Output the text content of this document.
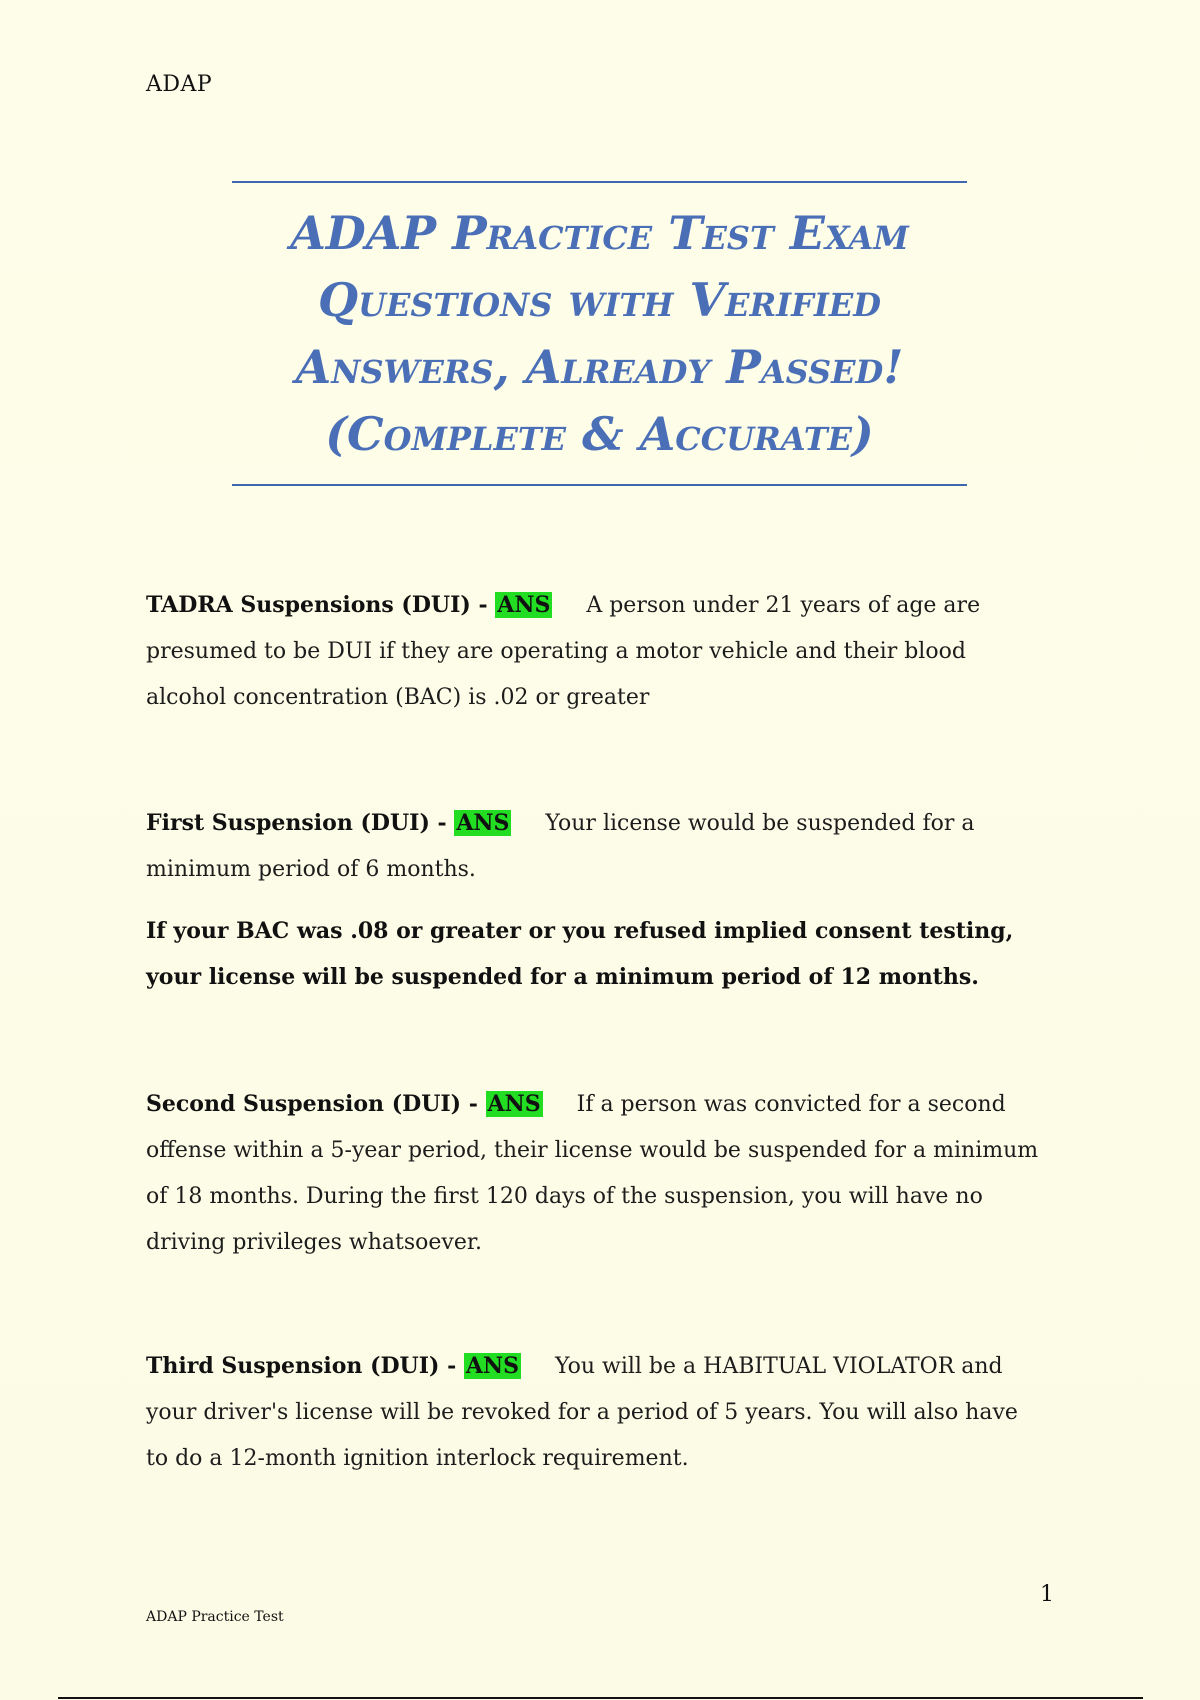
ADAP
ADAP Practice Test Exam
Questions with Verified
Answers, Already Passed!
(Complete & Accurate)
TADRA Suspensions (DUI) - ANS A person under 21 years of age are presumed to be DUI if they are operating a motor vehicle and their blood alcohol concentration (BAC) is .02 or greater
First Suspension (DUI) - ANS Your license would be suspended for a minimum period of 6 months.
If your BAC was .08 or greater or you refused implied consent testing, your license will be suspended for a minimum period of 12 months.
Second Suspension (DUI) - ANS If a person was convicted for a second offense within a 5-year period, their license would be suspended for a minimum of 18 months. During the first 120 days of the suspension, you will have no driving privileges whatsoever.
Third Suspension (DUI) - ANS You will be a HABITUAL VIOLATOR and your driver's license will be revoked for a period of 5 years. You will also have to do a 12-month ignition interlock requirement.
1
ADAP Practice Test
